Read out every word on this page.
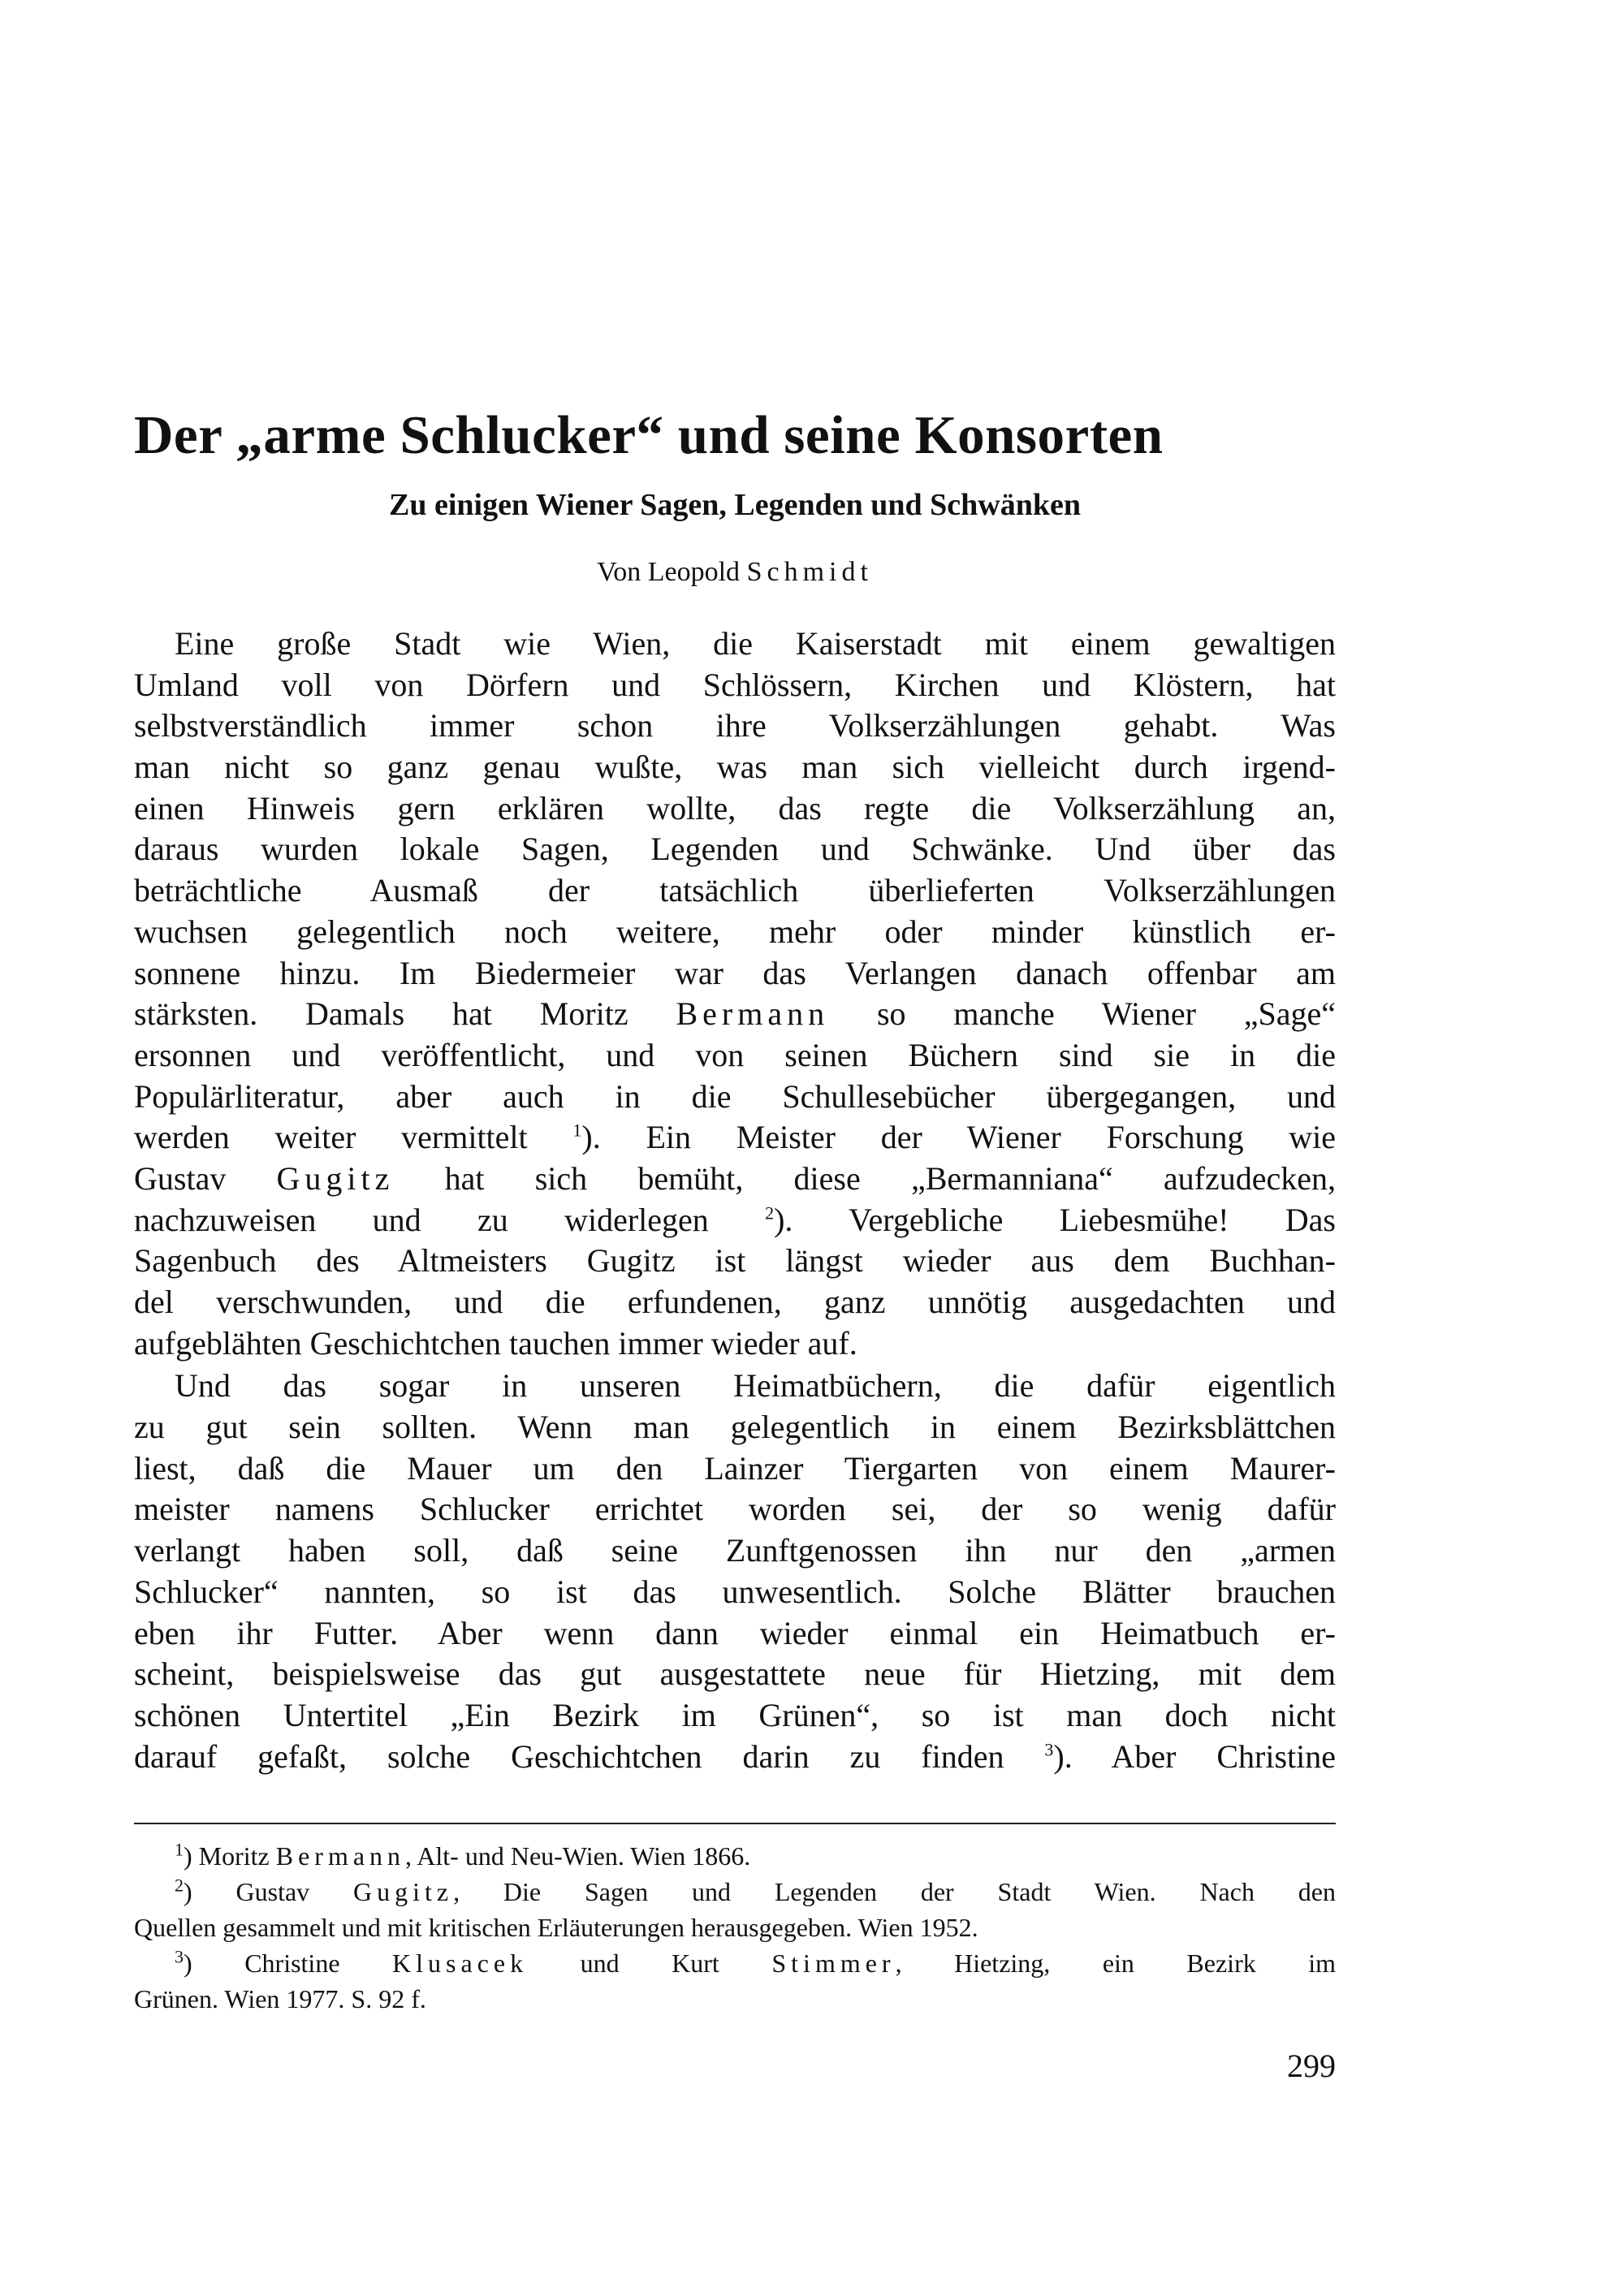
Der „arme Schlucker“ und seine Konsorten
Zu einigen Wiener Sagen, Legenden und Schwänken

Von Leopold Schmidt

Eine große Stadt wie Wien, die Kaiserstadt mit einem gewaltigen
Umland voll von Dörfern und Schlössern, Kirchen und Klöstern, hat
selbstverständlich immer schon ihre Volkserzählungen gehabt. Was
man nicht so ganz genau wußte, was man sich vielleicht durch irgend-
einen Hinweis gern erklären wollte, das regte die Volkserzählung an,
daraus wurden lokale Sagen, Legenden und Schwänke. Und über das
beträchtliche Ausmaß der tatsächlich überlieferten Volkserzählungen
wuchsen gelegentlich noch weitere, mehr oder minder künstlich er-
sonnene hinzu. Im Biedermeier war das Verlangen danach offenbar am
stärksten. Damals hat Moritz Bermann so manche Wiener „Sage“
ersonnen und veröffentlicht, und von seinen Büchern sind sie in die
Populärliteratur, aber auch in die Schullesebücher übergegangen, und
werden weiter vermittelt	$^1$). Ein Meister der Wiener Forschung wie
Gustav Gugitz hat sich bemüht, diese „Bermanniana“ aufzudecken,
nachzuweisen und zu widerlegen	$^2$). Vergebliche Liebesmühe! Das
Sagenbuch des Altmeisters Gugitz ist längst wieder aus dem Buchhan-
del verschwunden, und die erfundenen, ganz unnötig ausgedachten und
aufgeblähten Geschichtchen tauchen immer wieder auf.
Und das sogar in unseren Heimatbüchern, die dafür eigentlich
zu gut sein sollten. Wenn man gelegentlich in einem Bezirksblättchen
liest, daß die Mauer um den Lainzer Tiergarten von einem Maurer-
meister namens Schlucker errichtet worden sei, der so wenig dafür
verlangt haben soll, daß seine Zunftgenossen ihn nur den „armen
Schlucker“ nannten, so ist das unwesentlich. Solche Blätter brauchen
eben ihr Futter. Aber wenn dann wieder einmal ein Heimatbuch er-
scheint, beispielsweise das gut ausgestattete neue für Hietzing, mit dem
schönen Untertitel „Ein Bezirk im Grünen“, so ist man doch nicht
darauf gefaßt, solche Geschichtchen darin zu finden $^3$). Aber Christine
$^1$) Moritz Bermann, Alt- und Neu-Wien. Wien 1866.
$^2$) Gustav Gugitz, Die Sagen und Legenden der Stadt Wien. Nach den
Quellen gesammelt und mit kritischen Erläuterungen herausgegeben. Wien 1952.
$^3$) Christine Klusacek und Kurt Stimmer, Hietzing, ein Bezirk im
Grünen. Wien 1977. S. 92 f.
299
